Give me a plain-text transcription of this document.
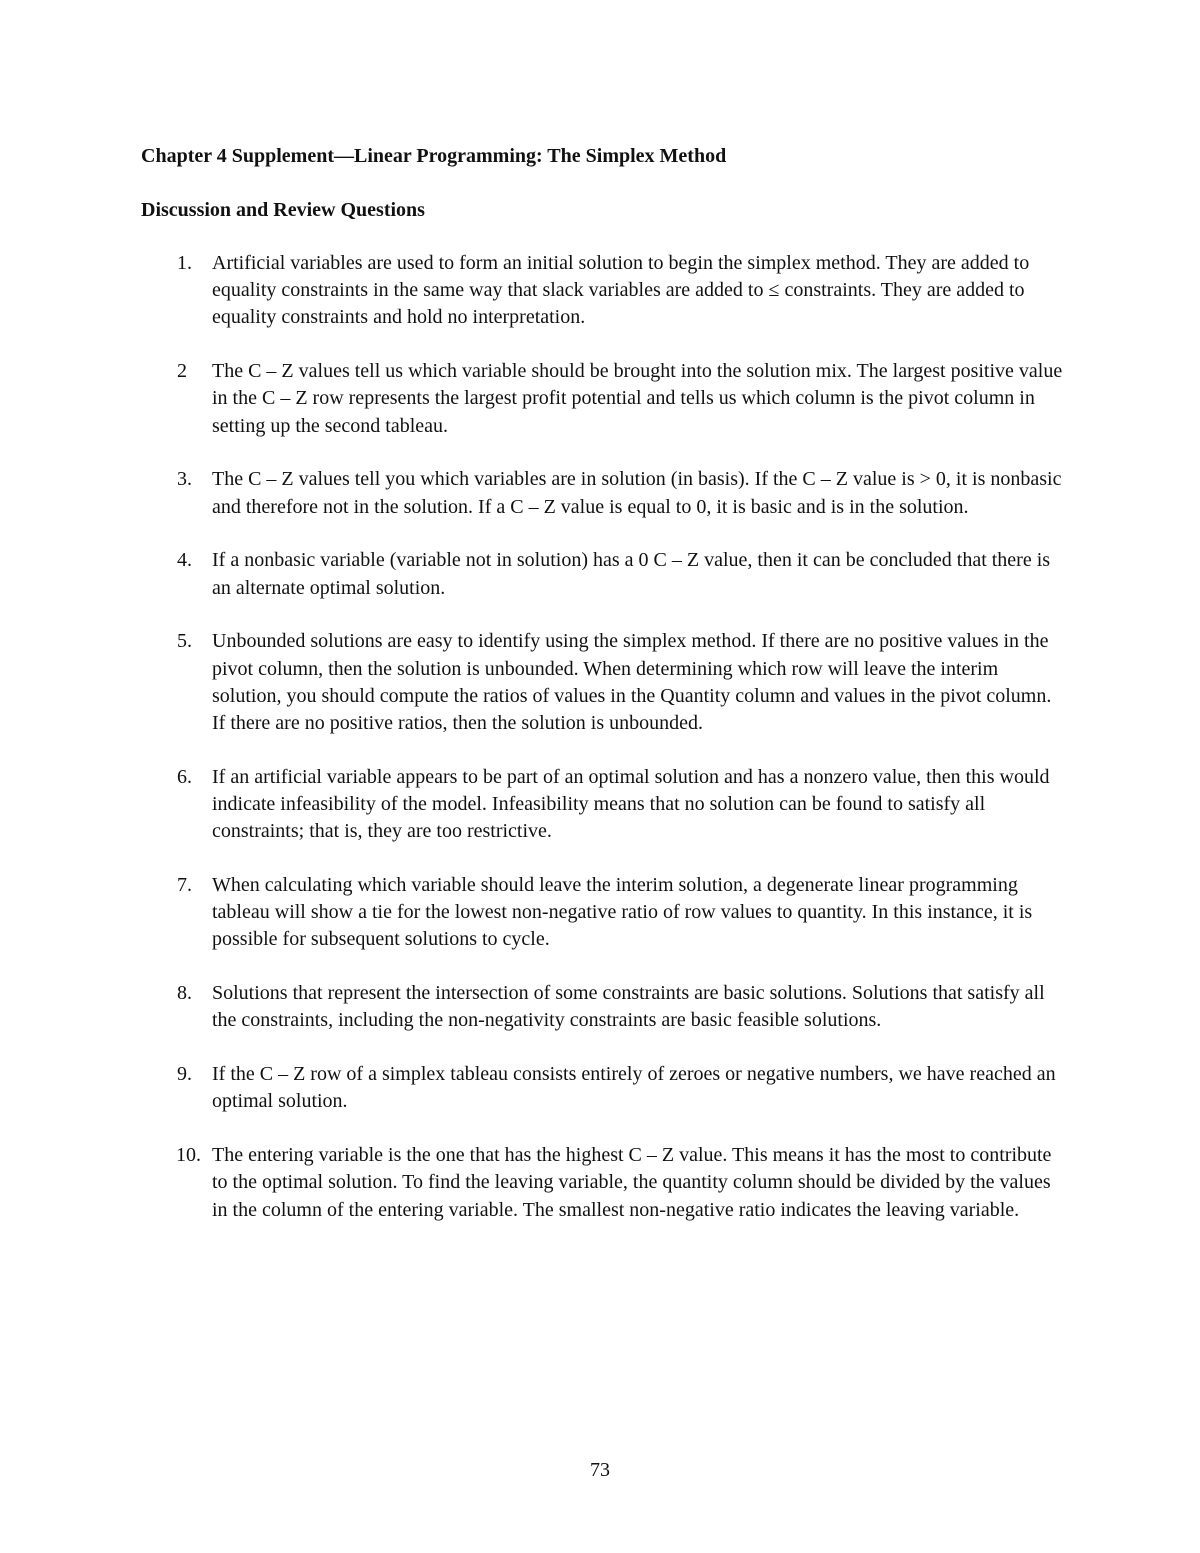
Chapter 4 Supplement—Linear Programming: The Simplex Method
Discussion and Review Questions
1. Artificial variables are used to form an initial solution to begin the simplex method. They are added to equality constraints in the same way that slack variables are added to ≤ constraints. They are added to equality constraints and hold no interpretation.
2 The C – Z values tell us which variable should be brought into the solution mix. The largest positive value in the C – Z row represents the largest profit potential and tells us which column is the pivot column in setting up the second tableau.
3. The C – Z values tell you which variables are in solution (in basis). If the C – Z value is > 0, it is nonbasic and therefore not in the solution. If a C – Z value is equal to 0, it is basic and is in the solution.
4. If a nonbasic variable (variable not in solution) has a 0 C – Z value, then it can be concluded that there is an alternate optimal solution.
5. Unbounded solutions are easy to identify using the simplex method. If there are no positive values in the pivot column, then the solution is unbounded. When determining which row will leave the interim solution, you should compute the ratios of values in the Quantity column and values in the pivot column. If there are no positive ratios, then the solution is unbounded.
6. If an artificial variable appears to be part of an optimal solution and has a nonzero value, then this would indicate infeasibility of the model. Infeasibility means that no solution can be found to satisfy all constraints; that is, they are too restrictive.
7. When calculating which variable should leave the interim solution, a degenerate linear programming tableau will show a tie for the lowest non-negative ratio of row values to quantity. In this instance, it is possible for subsequent solutions to cycle.
8. Solutions that represent the intersection of some constraints are basic solutions. Solutions that satisfy all the constraints, including the non-negativity constraints are basic feasible solutions.
9. If the C – Z row of a simplex tableau consists entirely of zeroes or negative numbers, we have reached an optimal solution.
10. The entering variable is the one that has the highest C – Z value. This means it has the most to contribute to the optimal solution. To find the leaving variable, the quantity column should be divided by the values in the column of the entering variable. The smallest non-negative ratio indicates the leaving variable.
73
